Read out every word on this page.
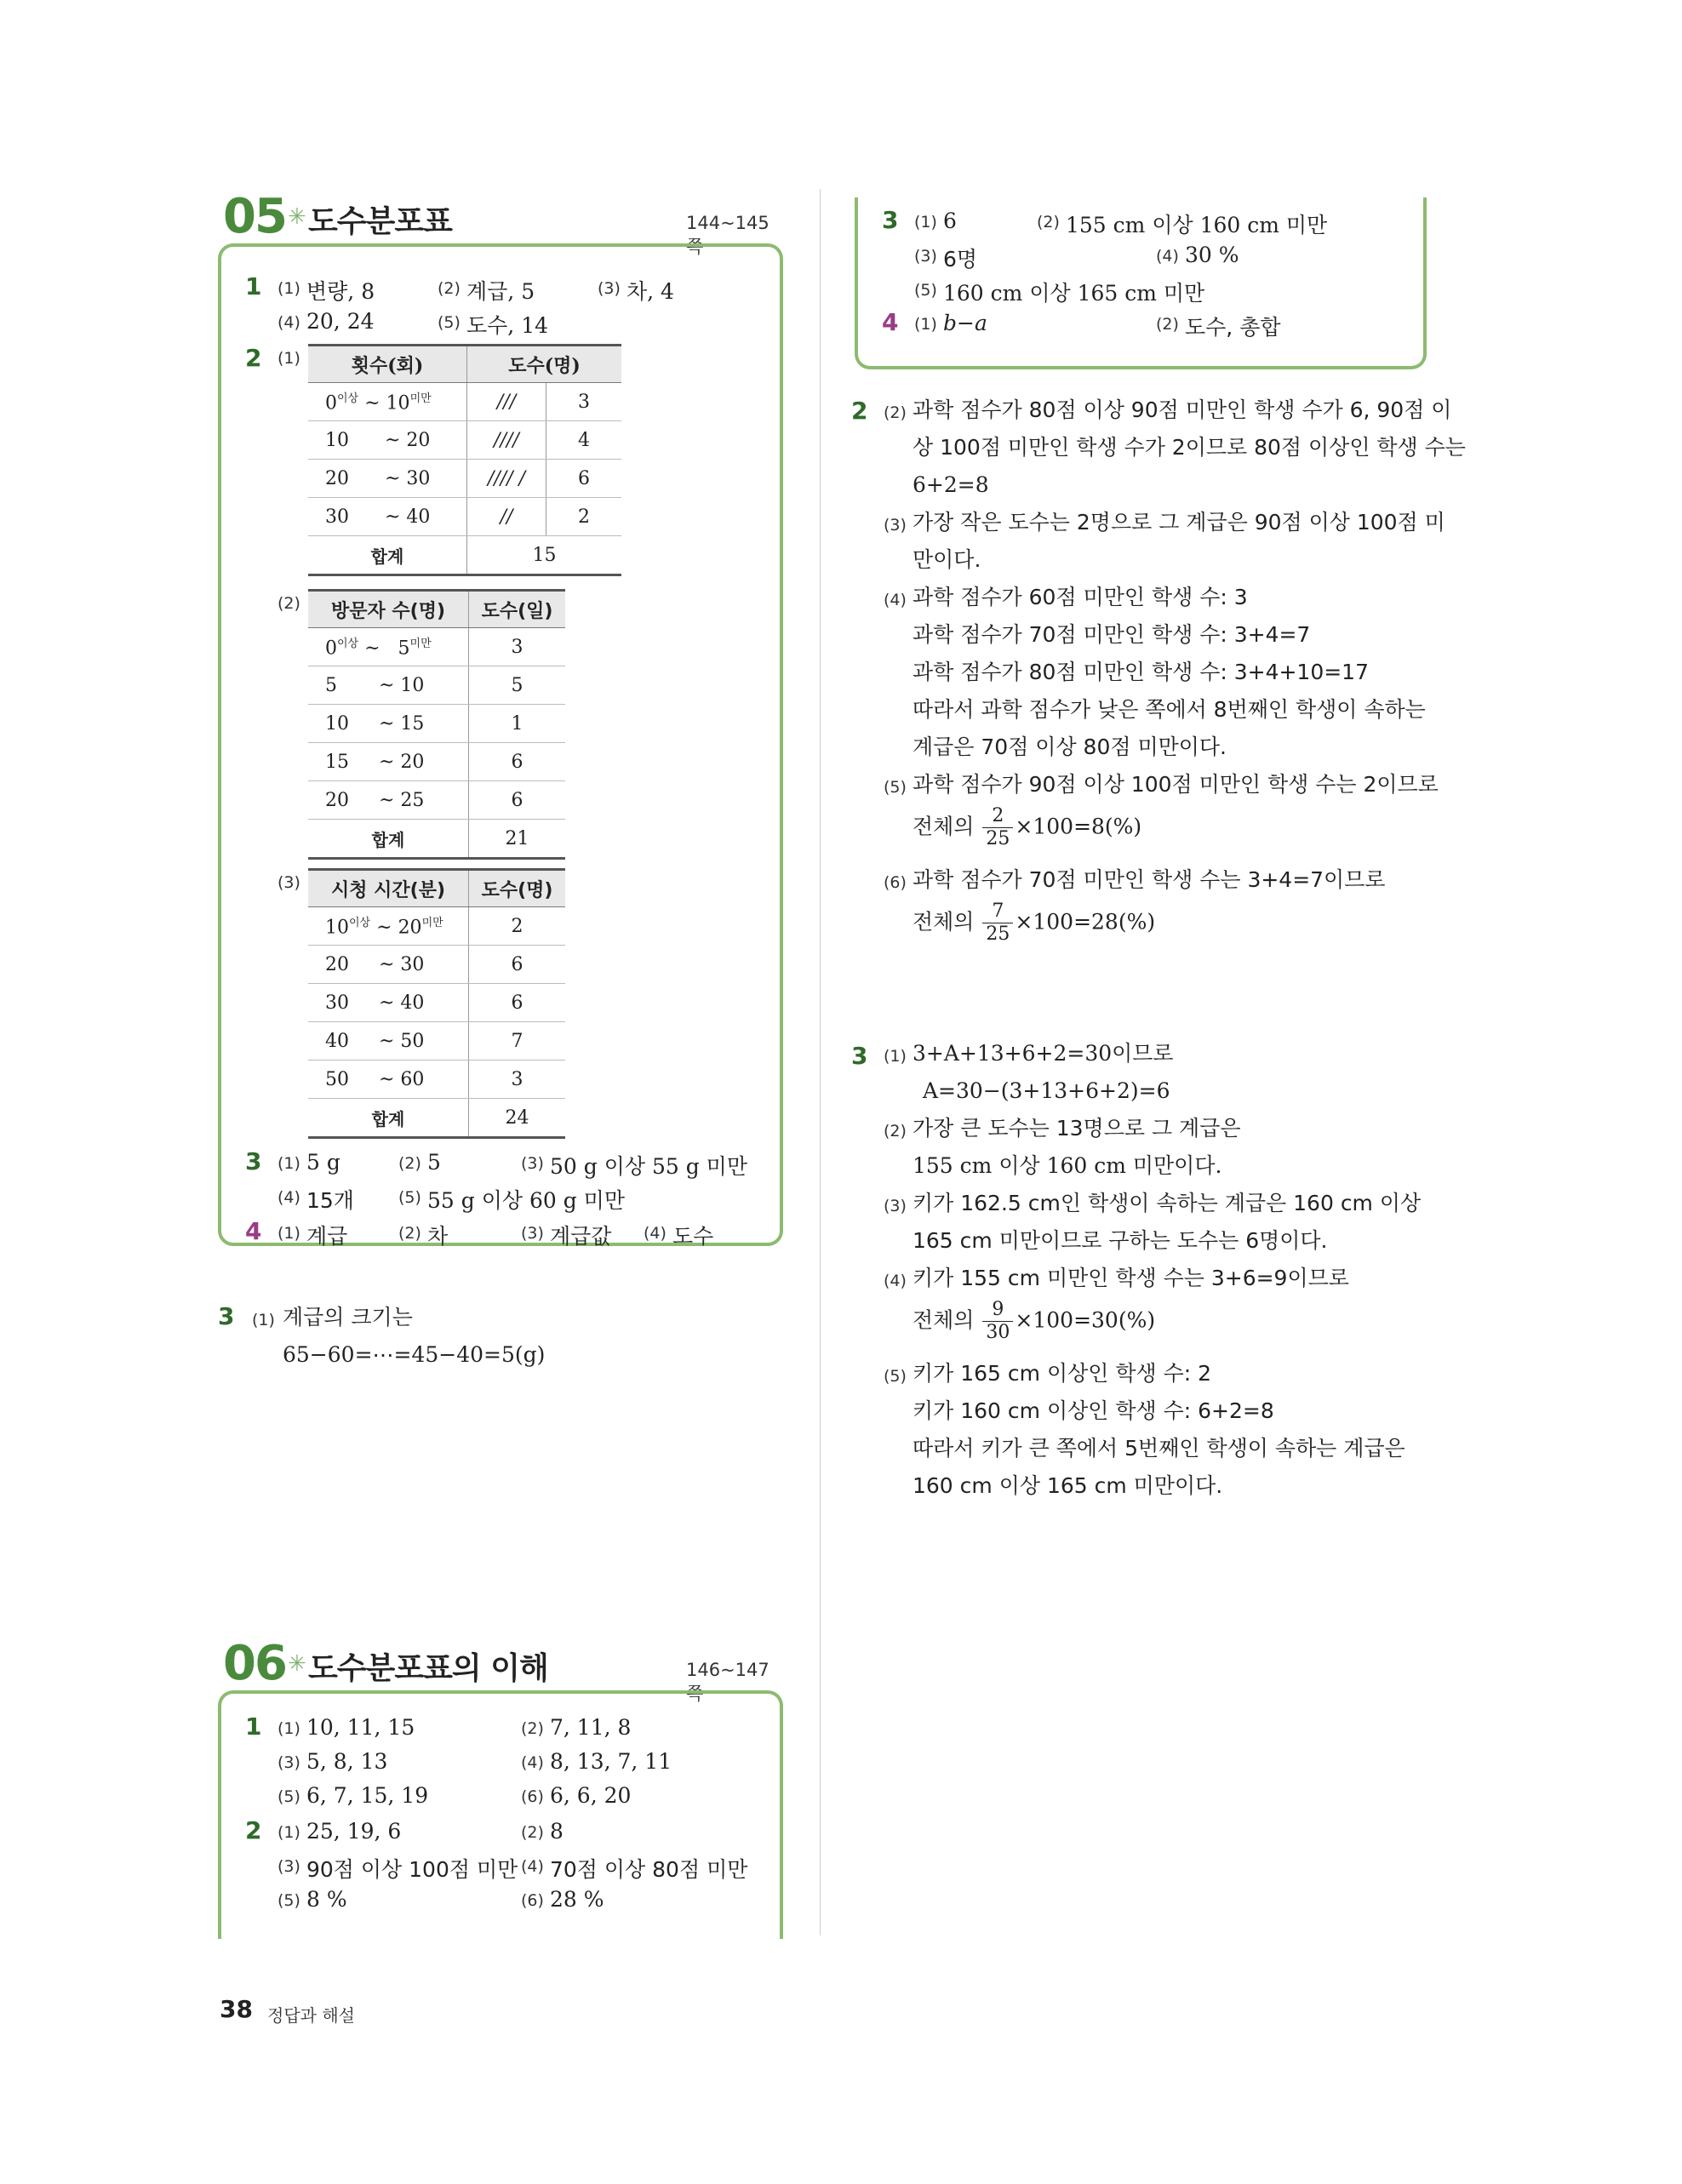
05 ✳ 도수분포표	144~145쪽
1 (1) 변량, 8	(2) 계급, 5	(3) 차, 4
(4) 20, 24	(5) 도수, 14
2 (1)	횟수(회)	도수(명)	
$0^{이상}$ ~ $10^{미만}$	///	3
10 ~ 20	////	4
20 ~ 30	//// /	6
30 ~ 40	//	2
합계	15	
(2) 방문자 수(명)	도수(일)
$0^{이상}$ ~ $5^{미만}$	3
5 ~ 10	5
10 ~ 15	1
15 ~ 20	6
20 ~ 25	6
합계	21
(3) 시청 시간(분)	도수(명)
$10^{이상}$ ~ $20^{미만}$	2
20 ~ 30	6
30 ~ 40	6
40 ~ 50	7
50 ~ 60	3
합계	24
3 (1) 5 g	(2) 5	(3) 50 g 이상 55 g 미만
(4) 15개	(5) 55 g 이상 60 g 미만
4 (1) 계급	(2) 차	(3) 계급값 (4) 도수
3 (1) 계급의 크기는
65−60=⋯=45−40=5(g)
3 (1) 6	(2) 155 cm 이상 160 cm 미만
(3) 6명	(4) 30 %
(5) 160 cm 이상 165 cm 미만
4 (1) b−a	(2) 도수, 총합
2 (2) 과학 점수가 80점 이상 90점 미만인 학생 수가 6, 90점 이
상 100점 미만인 학생 수가 2이므로 80점 이상인 학생 수는
6+2=8
(3) 가장 작은 도수는 2명으로 그 계급은 90점 이상 100점 미
만이다.
(4) 과학 점수가 60점 미만인 학생 수: 3
과학 점수가 70점 미만인 학생 수: 3+4=7
과학 점수가 80점 미만인 학생 수: 3+4+10=17
따라서 과학 점수가 낮은 쪽에서 8번째인 학생이 속하는
계급은 70점 이상 80점 미만이다.
(5) 과학 점수가 90점 이상 100점 미만인 학생 수는 2이므로
전체의 $\frac{2}{25} \times 100=8(\%)$
(6) 과학 점수가 70점 미만인 학생 수는 3+4=7이므로
전체의 $\frac{7}{25} \times 100=28(\%)$
3 (1) 3+A+13+6+2=30이므로
A=30−(3+13+6+2)=6
(2) 가장 큰 도수는 13명으로 그 계급은
155 cm 이상 160 cm 미만이다.
(3) 키가 162.5 cm인 학생이 속하는 계급은 160 cm 이상
165 cm 미만이므로 구하는 도수는 6명이다.
(4) 키가 155 cm 미만인 학생 수는 3+6=9이므로
전체의 $\frac{9}{30} \times 100=30(\%)$
(5) 키가 165 cm 이상인 학생 수: 2
키가 160 cm 이상인 학생 수: 6+2=8
따라서 키가 큰 쪽에서 5번째인 학생이 속하는 계급은
160 cm 이상 165 cm 미만이다.
06 ✳ 도수분포표의 이해	146~147쪽
1 (1) 10, 11, 15	(2) 7, 11, 8
(3) 5, 8, 13	(4) 8, 13, 7, 11
(5) 6, 7, 15, 19	(6) 6, 6, 20
2 (1) 25, 19, 6	(2) 8
(3) 90점 이상 100점 미만 (4) 70점 이상 80점 미만
(5) 8 %	(6) 28 %
38 정답과 해설
